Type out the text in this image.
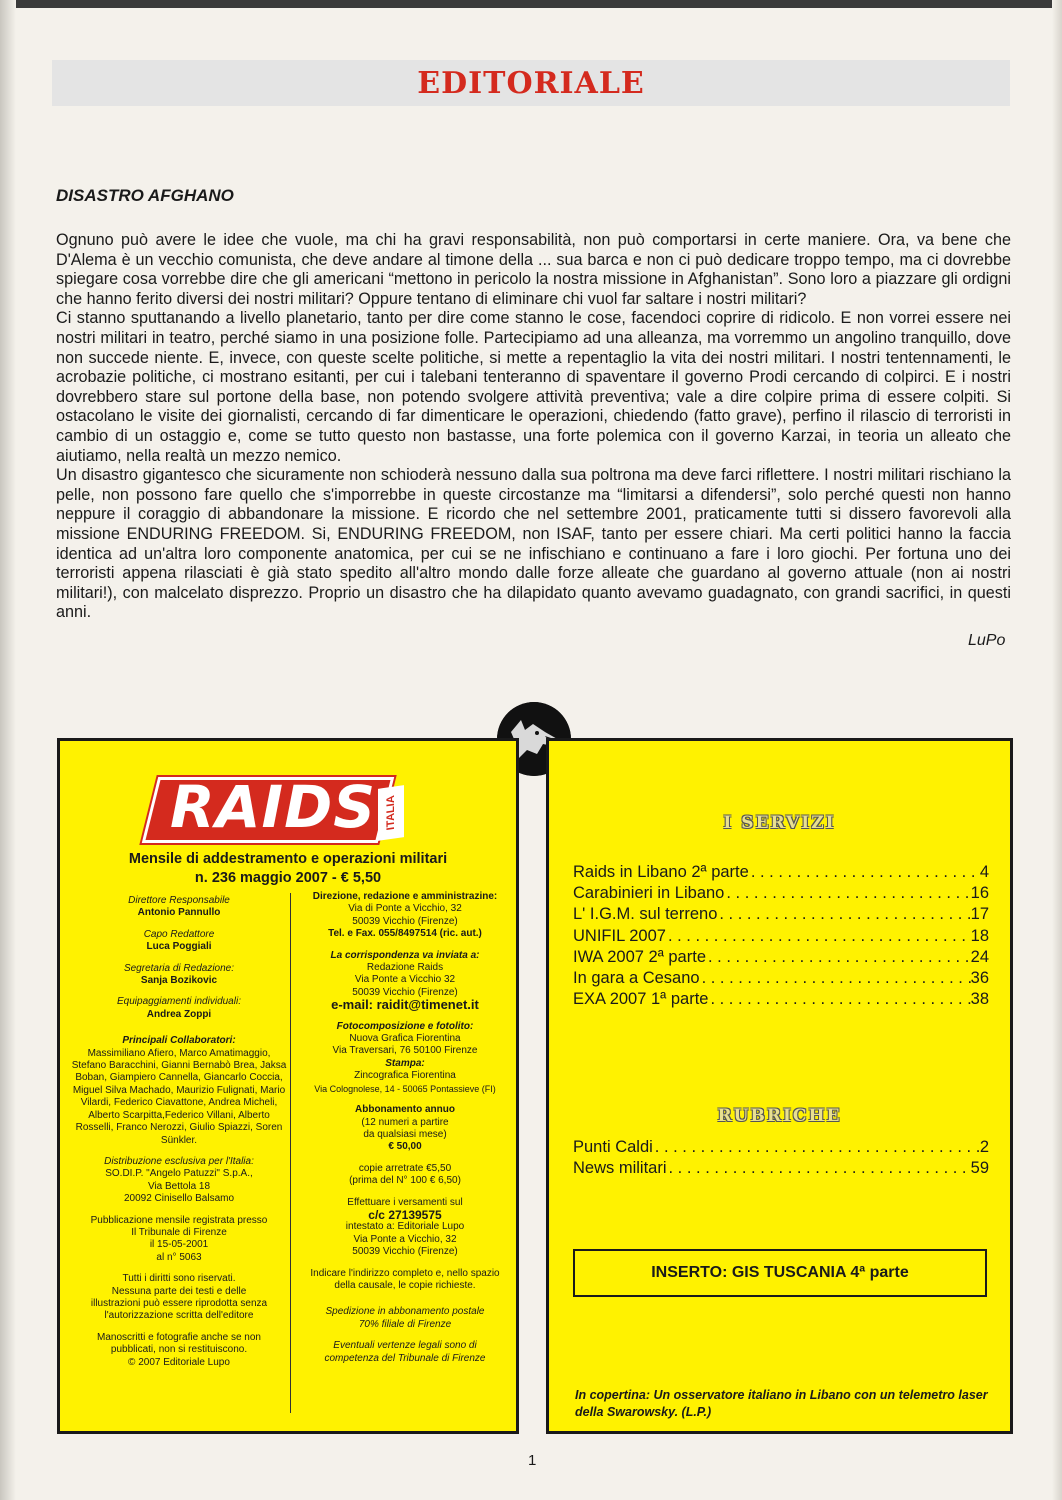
EDITORIALE
DISASTRO AFGHANO

Ognuno può avere le idee che vuole, ma chi ha gravi responsabilità, non può comportarsi in certe maniere. Ora, va bene che D'Alema è un vecchio comunista, che deve andare al timone della ... sua barca e non ci può dedicare troppo tempo, ma ci dovrebbe spiegare cosa vorrebbe dire che gli americani “mettono in pericolo la nostra missione in Afghanistan”. Sono loro a piazzare gli ordigni che hanno ferito diversi dei nostri militari? Oppure tentano di eliminare chi vuol far saltare i nostri militari?

Ci stanno sputtanando a livello planetario, tanto per dire come stanno le cose, facendoci coprire di ridicolo. E non vorrei essere nei nostri militari in teatro, perché siamo in una posizione folle. Partecipiamo ad una alleanza, ma vorremmo un angolino tranquillo, dove non succede niente. E, invece, con queste scelte politiche, si mette a repentaglio la vita dei nostri militari. I nostri tentennamenti, le acrobazie politiche, ci mostrano esitanti, per cui i talebani tenteranno di spaventare il governo Prodi cercando di colpirci. E i nostri dovrebbero stare sul portone della base, non potendo svolgere attività preventiva; vale a dire colpire prima di essere colpiti. Si ostacolano le visite dei giornalisti, cercando di far dimenticare le operazioni, chiedendo (fatto grave), perfino il rilascio di terroristi in cambio di un ostaggio e, come se tutto questo non bastasse, una forte polemica con il governo Karzai, in teoria un alleato che aiutiamo, nella realtà un mezzo nemico.

Un disastro gigantesco che sicuramente non schioderà nessuno dalla sua poltrona ma deve farci riflettere. I nostri militari rischiano la pelle, non possono fare quello che s'imporrebbe in queste circostanze ma “limitarsi a difendersi”, solo perché questi non hanno neppure il coraggio di abbandonare la missione. E ricordo che nel settembre 2001, praticamente tutti si dissero favorevoli alla missione ENDURING FREEDOM. Si, ENDURING FREEDOM, non ISAF, tanto per essere chiari. Ma certi politici hanno la faccia identica ad un'altra loro componente anatomica, per cui se ne infischiano e continuano a fare i loro giochi. Per fortuna uno dei terroristi appena rilasciati è già stato spedito all'altro mondo dalle forze alleate che guardano al governo attuale (non ai nostri militari!), con malcelato disprezzo. Proprio un disastro che ha dilapidato quanto avevamo guadagnato, con grandi sacrifici, in questi anni.

LuPo
RAIDS ITALIA
Mensile di addestramento e operazioni militari
n. 236 maggio 2007 - € 5,50
Direttore Responsabile
Antonio Pannullo
Capo Redattore
Luca Poggiali
Segretaria di Redazione:
Sanja Bozikovic
Equipaggiamenti individuali:
Andrea Zoppi
Principali Collaboratori:
Massimiliano Afiero, Marco Amatimaggio, Stefano Baracchini, Gianni Bernabò Brea, Jaksa Boban, Giampiero Cannella, Giancarlo Coccia, Miguel Silva Machado, Maurizio Fulignati, Mario Vilardi, Federico Ciavattone, Andrea Micheli, Alberto Scarpitta,Federico Villani, Alberto Rosselli, Franco Nerozzi, Giulio Spiazzi, Soren Sünkler.
Distribuzione esclusiva per l'Italia:
SO.DI.P. "Angelo Patuzzi" S.p.A.,
Via Bettola 18
20092 Cinisello Balsamo
Pubblicazione mensile registrata presso
Il Tribunale di Firenze
il 15-05-2001
al n° 5063
Tutti i diritti sono riservati.
Nessuna parte dei testi e delle
illustrazioni può essere riprodotta senza
l'autorizzazione scritta dell'editore
Manoscritti e fotografie anche se non
pubblicati, non si restituiscono.
© 2007 Editoriale Lupo
Direzione, redazione e amministrazine:
Via di Ponte a Vicchio, 32
50039 Vicchio (Firenze)
Tel. e Fax. 055/8497514 (ric. aut.)
La corrispondenza va inviata a:
Redazione Raids
Via Ponte a Vicchio 32
50039 Vicchio (Firenze)
e-mail: raidit@timenet.it
Fotocomposizione e fotolito:
Nuova Grafica Fiorentina
Via Traversari, 76 50100 Firenze
Stampa:
Zincografica Fiorentina
Via Colognolese, 14 - 50065 Pontassieve (FI)
Abbonamento annuo
(12 numeri a partire
da qualsiasi mese)
€ 50,00
copie arretrate €5,50
(prima del N° 100 € 6,50)
Effettuare i versamenti sul
c/c 27139575
intestato a: Editoriale Lupo
Via Ponte a Vicchio, 32
50039 Vicchio (Firenze)
Indicare l'indirizzo completo e, nello spazio
della causale, le copie richieste.
Spedizione in abbonamento postale
70% filiale di Firenze
Eventuali vertenze legali sono di
competenza del Tribunale di Firenze
I SERVIZI
Raids in Libano 2ª parte . . .	4
Carabinieri in Libano . . .	16
L' I.G.M. sul terreno . . .	17
UNIFIL 2007 . . .	18
IWA 2007 2ª parte . . .	24
In gara a Cesano . . .	36
EXA 2007 1ª parte . . .	38
RUBRICHE
Punti Caldi . . .	2
News militari . . .	59
INSERTO: GIS TUSCANIA 4ª parte
In copertina: Un osservatore italiano in Libano con un telemetro laser della Swarowsky. (L.P.)
1
